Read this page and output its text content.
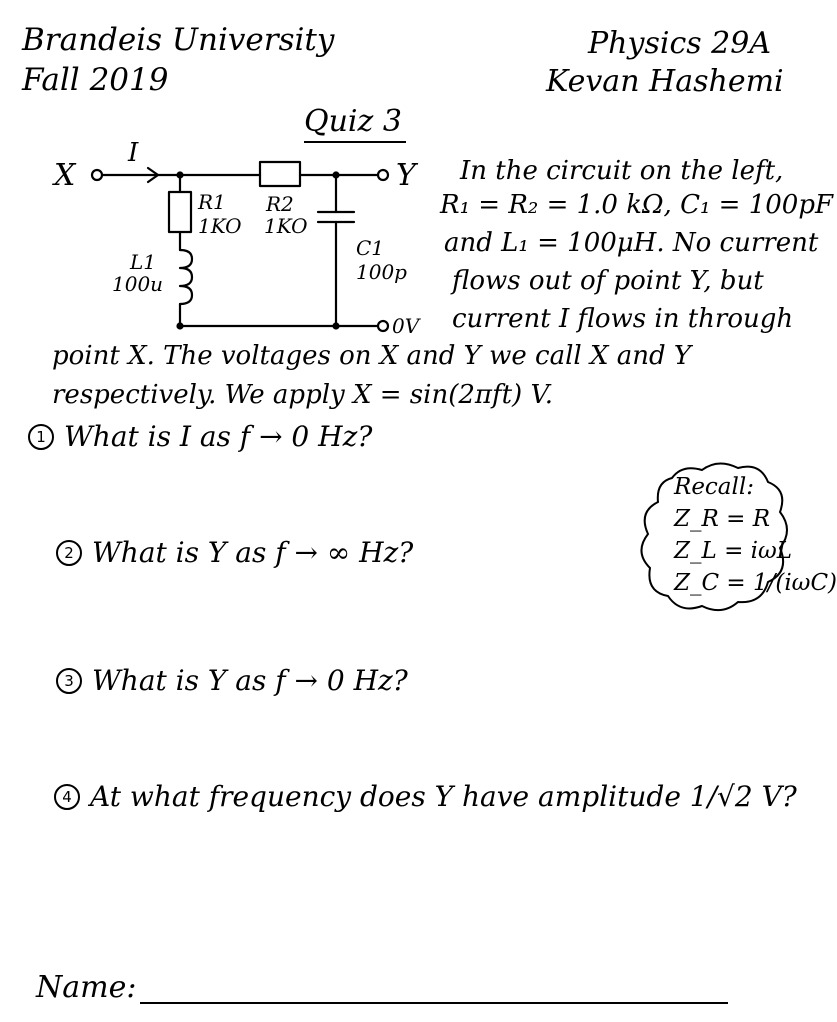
Brandeis University
Fall 2019
Physics 29A
Kevan Hashemi
Quiz 3
X
I
Y
R1
1KO
R2
1KO
L1
100u
C1
100p
0V
In the circuit on the left,
R₁ = R₂ = 1.0 kΩ, C₁ = 100pF
and L₁ = 100μH. No current
flows out of point Y, but
current I flows in through
point X. The voltages on X and Y we call X and Y
respectively. We apply X = sin(2πft) V.
1 What is I as f → 0 Hz?
2 What is Y as f → ∞ Hz?
3 What is Y as f → 0 Hz?
4 At what frequency does Y have amplitude 1/√2 V?
Recall:
Z_R = R
Z_L = iωL
Z_C = 1/(iωC)
Name:
